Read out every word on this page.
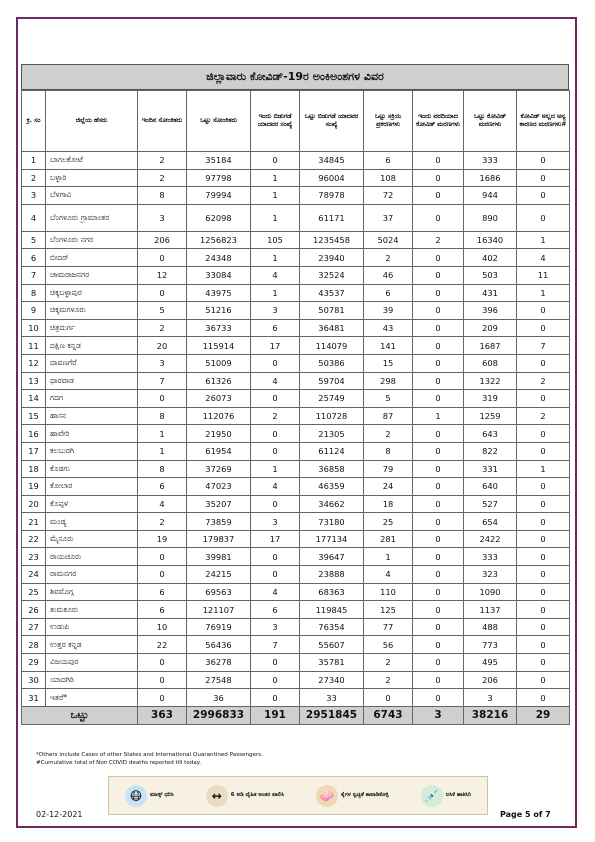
ಜಿಲ್ಲಾವಾರು ಕೋವಿಡ್-19ರ ಅಂಕಿಅಂಶಗಳ ವಿವರ
ಕ್ರ. ಸಂ	ಜಿಲ್ಲೆಯ ಹೆಸರು	ಇಂದಿನ ಸೋಂಕಿತರು	ಒಟ್ಟು ಸೋಂಕಿತರು	ಇಂದು ಬಿಡುಗಡೆ ಯಾದವರ ಸಂಖ್ಯೆ	ಒಟ್ಟು ಬಿಡುಗಡೆ ಯಾದವರ ಸಂಖ್ಯೆ	ಒಟ್ಟು ಸಕ್ರಿಯ ಪ್ರಕರಣಗಳು	ಇಂದು ವರದಿಯಾದ ಕೋವಿಡ್ ಮರಣಗಳು	ಒಟ್ಟು ಕೋವಿಡ್ ಮರಣಗಳು	ಕೋವಿಡ್ ಅಲ್ಲದ ಅನ್ಯ ಕಾರಣದ ಮರಣಗಳು#
1	ಬಾಗಲಕೋಟೆ	2	35184	0	34845	6	0	333	0
2	ಬಳ್ಳಾರಿ	2	97798	1	96004	108	0	1686	0
3	ಬೆಳಗಾವಿ	8	79994	1	78978	72	0	944	0
4	ಬೆಂಗಳೂರು ಗ್ರಾಮಾಂತರ	3	62098	1	61171	37	0	890	0
5	ಬೆಂಗಳೂರು ನಗರ	206	1256823	105	1235458	5024	2	16340	1
6	ಬೀದರ್	0	24348	1	23940	2	0	402	4
7	ಚಾಮರಾಜನಗರ	12	33084	4	32524	46	0	503	11
8	ಚಿಕ್ಕಬಳ್ಳಾಪುರ	0	43975	1	43537	6	0	431	1
9	ಚಿಕ್ಕಮಗಳೂರು	5	51216	3	50781	39	0	396	0
10	ಚಿತ್ರದುರ್ಗ	2	36733	6	36481	43	0	209	0
11	ದಕ್ಷಿಣ ಕನ್ನಡ	20	115914	17	114079	141	0	1687	7
12	ದಾವಣಗೆರೆ	3	51009	0	50386	15	0	608	0
13	ಧಾರವಾಡ	7	61326	4	59704	298	0	1322	2
14	ಗದಗ	0	26073	0	25749	5	0	319	0
15	ಹಾಸನ	8	112076	2	110728	87	1	1259	2
16	ಹಾವೇರಿ	1	21950	0	21305	2	0	643	0
17	ಕಲಬುರಗಿ	1	61954	0	61124	8	0	822	0
18	ಕೊಡಗು	8	37269	1	36858	79	0	331	1
19	ಕೋಲಾರ	6	47023	4	46359	24	0	640	0
20	ಕೊಪ್ಪಳ	4	35207	0	34662	18	0	527	0
21	ಮಂಡ್ಯ	2	73859	3	73180	25	0	654	0
22	ಮೈಸೂರು	19	179837	17	177134	281	0	2422	0
23	ರಾಯಚೂರು	0	39981	0	39647	1	0	333	0
24	ರಾಮನಗರ	0	24215	0	23888	4	0	323	0
25	ಶಿವಮೊಗ್ಗ	6	69563	4	68363	110	0	1090	0
26	ತುಮಕೂರು	6	121107	6	119845	125	0	1137	0
27	ಉಡುಪಿ	10	76919	3	76354	77	0	488	0
28	ಉತ್ತರ ಕನ್ನಡ	22	56436	7	55607	56	0	773	0
29	ವಿಜಯಪುರ	0	36278	0	35781	2	0	495	0
30	ಯಾದಗಿರಿ	0	27548	0	27340	2	0	206	0
31	ಇತರೆ*	0	36	0	33	0	0	3	0
ಒಟ್ಟು		363	2996833	191	2951845	6743	3	38216	29
*Others include Cases of other States and International Quarantined Passengers.
#Cumulative total of Non COVID deaths reported till today.
😷	ಮಾಸ್ಕ್ ಧರಿಸಿ	↔	6 ಅಡಿ ದೈಹಿಕ ಅಂತರ ಪಾಲಿಸಿ	🧼	ಕೈಗಳ ಸ್ವಚ್ಛತೆ ಕಾಪಾಡಿಕೊಳ್ಳಿ	💉	ಲಸಿಕೆ ಹಾಕಿಸಿರಿ
02-12-2021	Page 5 of 7
